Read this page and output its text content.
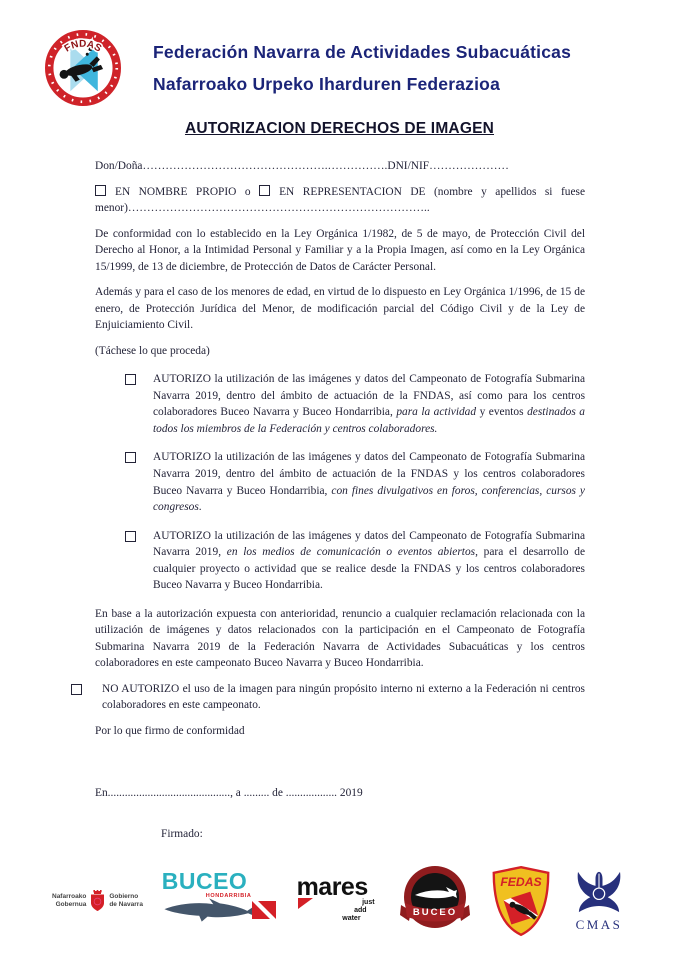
FNDAS	Federación Navarra de Actividades Subacuáticas
Nafarroako Urpeko Iharduren Federazioa
AUTORIZACION DERECHOS DE IMAGEN

Don/Doña………………………………………….…………….DNI/NIF…………………

EN NOMBRE PROPIO o	EN REPRESENTACION DE (nombre y apellidos si fuese menor)……………………………………………………………………..

De conformidad con lo establecido en la Ley Orgánica 1/1982, de 5 de mayo, de Protección Civil del Derecho al Honor, a la Intimidad Personal y Familiar y a la Propia Imagen, así como en la Ley Orgánica 15/1999, de 13 de diciembre, de Protección de Datos de Carácter Personal.

Además y para el caso de los menores de edad, en virtud de lo dispuesto en Ley Orgánica 1/1996, de 15 de enero, de Protección Jurídica del Menor, de modificación parcial del Código Civil y de la Ley de Enjuiciamiento Civil.

(Táchese lo que proceda)

AUTORIZO la utilización de las imágenes y datos del Campeonato de Fotografía Submarina Navarra 2019, dentro del ámbito de actuación de la FNDAS, así como para los centros colaboradores Buceo Navarra y Buceo Hondarribia, para la actividad y eventos destinados a todos los miembros de la Federación y centros colaboradores.
AUTORIZO la utilización de las imágenes y datos del Campeonato de Fotografía Submarina Navarra 2019, dentro del ámbito de actuación de la FNDAS y los centros colaboradores Buceo Navarra y Buceo Hondarribia, con fines divulgativos en foros, conferencias, cursos y congresos.
AUTORIZO la utilización de las imágenes y datos del Campeonato de Fotografía Submarina Navarra 2019, en los medios de comunicación o eventos abiertos, para el desarrollo de cualquier proyecto o actividad que se realice desde la FNDAS y los centros colaboradores Buceo Navarra y Buceo Hondarribia.

En base a la autorización expuesta con anterioridad, renuncio a cualquier reclamación relacionada con la utilización de imágenes y datos relacionados con la participación en el Campeonato de Fotografía Submarina Navarra 2019 de la Federación Navarra de Actividades Subacuáticas y los centros colaboradores en este campeonato Buceo Navarra y Buceo Hondarribia.

NO AUTORIZO el uso de la imagen para ningún propósito interno ni externo a la Federación ni centros colaboradores en este campeonato.

Por lo que firmo de conformidad

En..........................................., a ......... de .................. 2019

Firmado:

Nafarroako
Gobernua
Gobierno
de Navarra
BUCEO
HONDARRIBIA mares
just
add
water
BUCEO
FEDAS
CMAS
